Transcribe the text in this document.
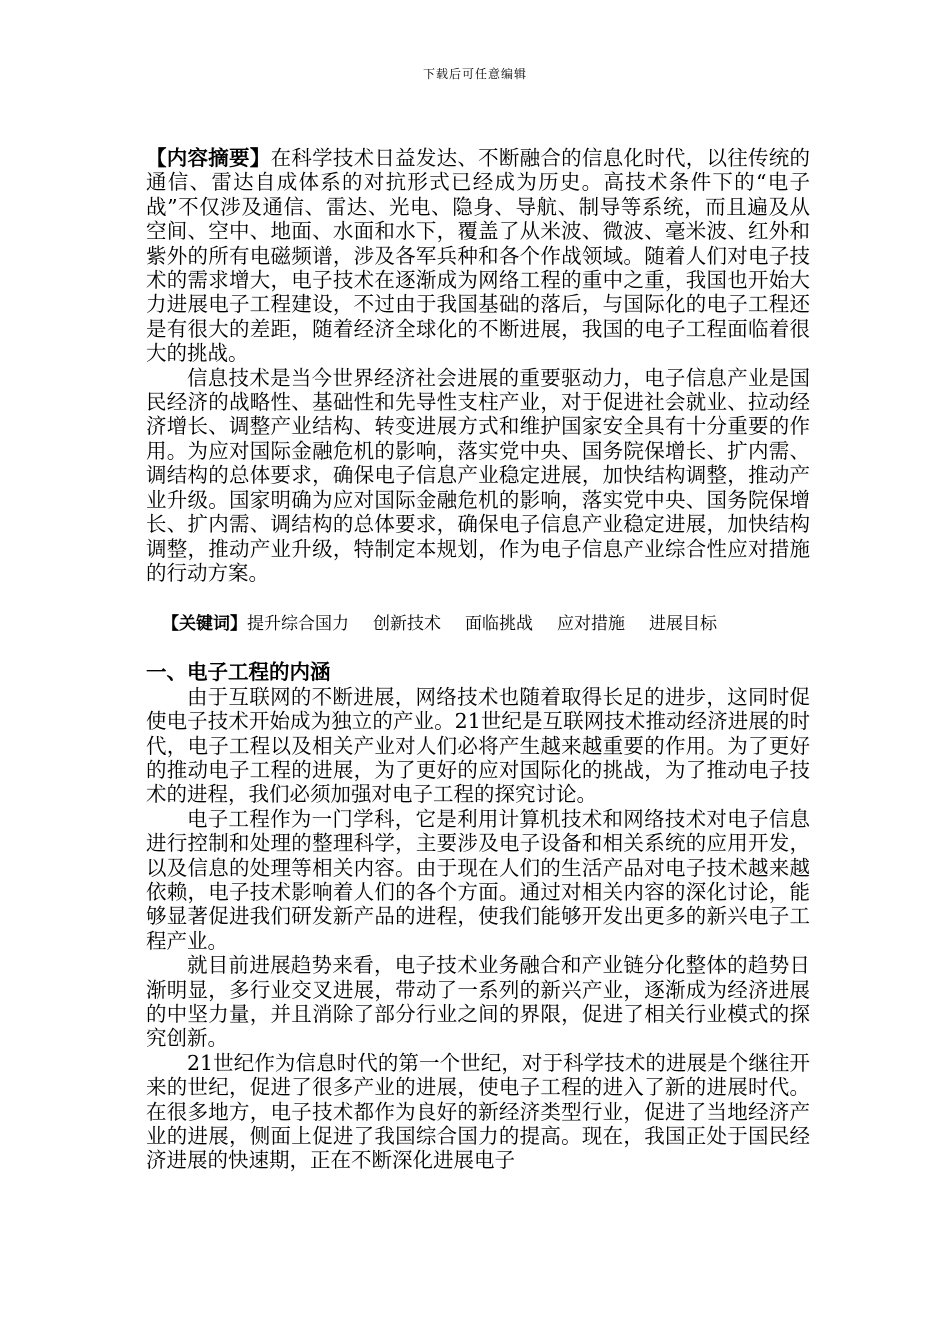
下载后可任意编辑

【内容摘要】在科学技术日益发达、不断融合的信息化时代，以往传统的通信、雷达自成体系的对抗形式已经成为历史。高技术条件下的“电子战”不仅涉及通信、雷达、光电、隐身、导航、制导等系统，而且遍及从空间、空中、地面、水面和水下，覆盖了从米波、微波、毫米波、红外和紫外的所有电磁频谱，涉及各军兵种和各个作战领域。随着人们对电子技术的需求增大，电子技术在逐渐成为网络工程的重中之重，我国也开始大力进展电子工程建设，不过由于我国基础的落后，与国际化的电子工程还是有很大的差距，随着经济全球化的不断进展，我国的电子工程面临着很大的挑战。

信息技术是当今世界经济社会进展的重要驱动力，电子信息产业是国民经济的战略性、基础性和先导性支柱产业，对于促进社会就业、拉动经济增长、调整产业结构、转变进展方式和维护国家安全具有十分重要的作用。为应对国际金融危机的影响，落实党中央、国务院保增长、扩内需、调结构的总体要求，确保电子信息产业稳定进展，加快结构调整，推动产业升级。国家明确为应对国际金融危机的影响，落实党中央、国务院保增长、扩内需、调结构的总体要求，确保电子信息产业稳定进展，加快结构调整，推动产业升级，特制定本规划，作为电子信息产业综合性应对措施的行动方案。

【关键词】提升综合国力 创新技术 面临挑战 应对措施 进展目标
一、电子工程的内涵

由于互联网的不断进展，网络技术也随着取得长足的进步，这同时促使电子技术开始成为独立的产业。21世纪是互联网技术推动经济进展的时代，电子工程以及相关产业对人们必将产生越来越重要的作用。为了更好的推动电子工程的进展，为了更好的应对国际化的挑战，为了推动电子技术的进程，我们必须加强对电子工程的探究讨论。

电子工程作为一门学科，它是利用计算机技术和网络技术对电子信息进行控制和处理的整理科学，主要涉及电子设备和相关系统的应用开发，以及信息的处理等相关内容。由于现在人们的生活产品对电子技术越来越依赖，电子技术影响着人们的各个方面。通过对相关内容的深化讨论，能够显著促进我们研发新产品的进程，使我们能够开发出更多的新兴电子工程产业。

就目前进展趋势来看，电子技术业务融合和产业链分化整体的趋势日渐明显，多行业交叉进展，带动了一系列的新兴产业，逐渐成为经济进展的中坚力量，并且消除了部分行业之间的界限，促进了相关行业模式的探究创新。

21世纪作为信息时代的第一个世纪，对于科学技术的进展是个继往开来的世纪，促进了很多产业的进展，使电子工程的进入了新的进展时代。在很多地方，电子技术都作为良好的新经济类型行业，促进了当地经济产业的进展，侧面上促进了我国综合国力的提高。现在，我国正处于国民经济进展的快速期，正在不断深化进展电子
